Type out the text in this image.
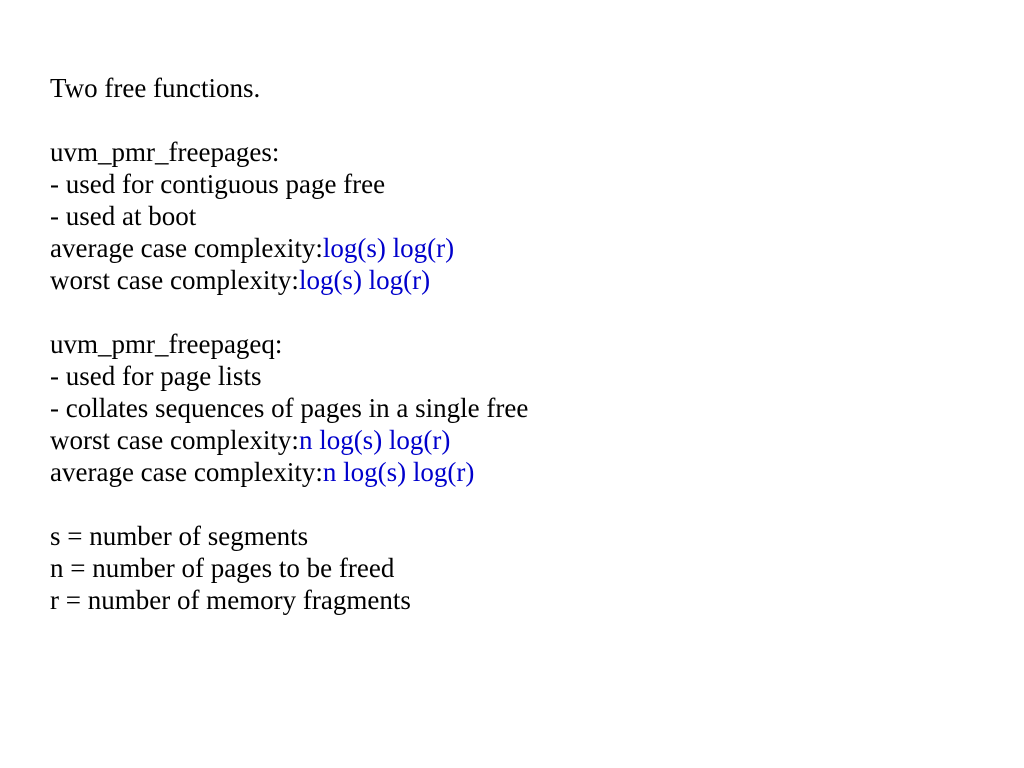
Two free functions.
uvm_pmr_freepages:
- used for contiguous page free
- used at boot
average case complexity:log(s) log(r)
worst case complexity:log(s) log(r)
uvm_pmr_freepageq:
- used for page lists
- collates sequences of pages in a single free
worst case complexity:n log(s) log(r)
average case complexity:n log(s) log(r)
s = number of segments
n = number of pages to be freed
r = number of memory fragments
